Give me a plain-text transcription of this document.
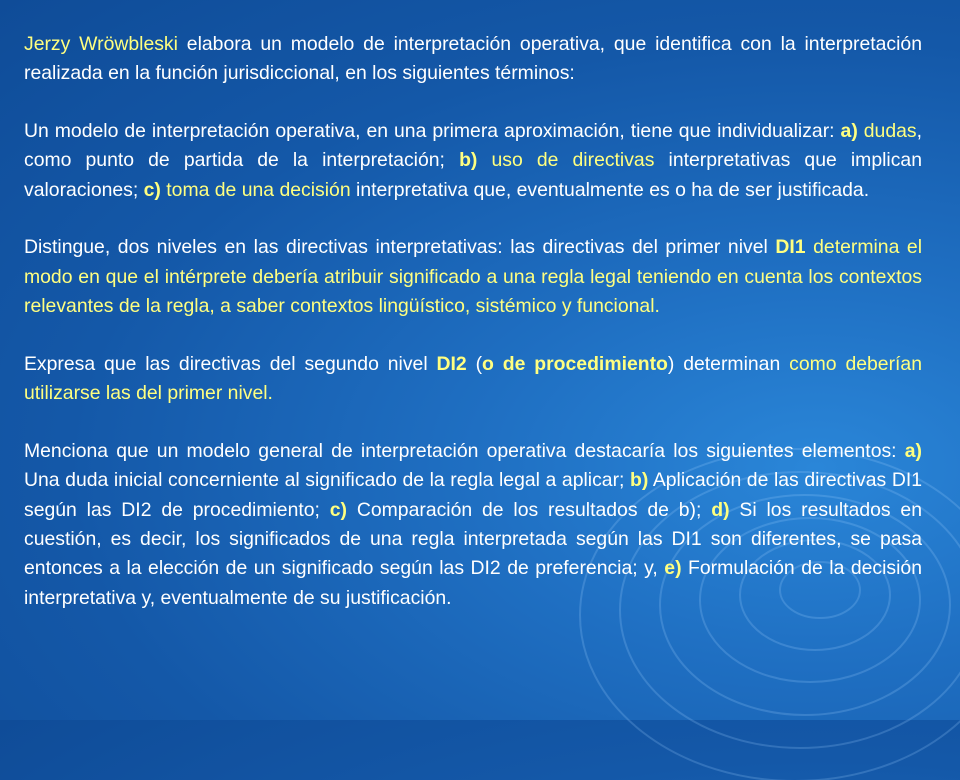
Jerzy Wröwbleski elabora un modelo de interpretación operativa, que identifica con la interpretación realizada en la función jurisdiccional, en los siguientes términos:

Un modelo de interpretación operativa, en una primera aproximación, tiene que individualizar: a) dudas, como punto de partida de la interpretación; b) uso de directivas interpretativas que implican valoraciones; c) toma de una decisión interpretativa que, eventualmente es o ha de ser justificada.

Distingue, dos niveles en las directivas interpretativas: las directivas del primer nivel DI1 determina el modo en que el intérprete debería atribuir significado a una regla legal teniendo en cuenta los contextos relevantes de la regla, a saber contextos lingüístico, sistémico y funcional.

Expresa que las directivas del segundo nivel DI2 (o de procedimiento) determinan como deberían utilizarse las del primer nivel.

Menciona que un modelo general de interpretación operativa destacaría los siguientes elementos: a) Una duda inicial concerniente al significado de la regla legal a aplicar; b) Aplicación de las directivas DI1 según las DI2 de procedimiento; c) Comparación de los resultados de b); d) Si los resultados en cuestión, es decir, los significados de una regla interpretada según las DI1 son diferentes, se pasa entonces a la elección de un significado según las DI2 de preferencia; y, e) Formulación de la decisión interpretativa y, eventualmente de su justificación.
